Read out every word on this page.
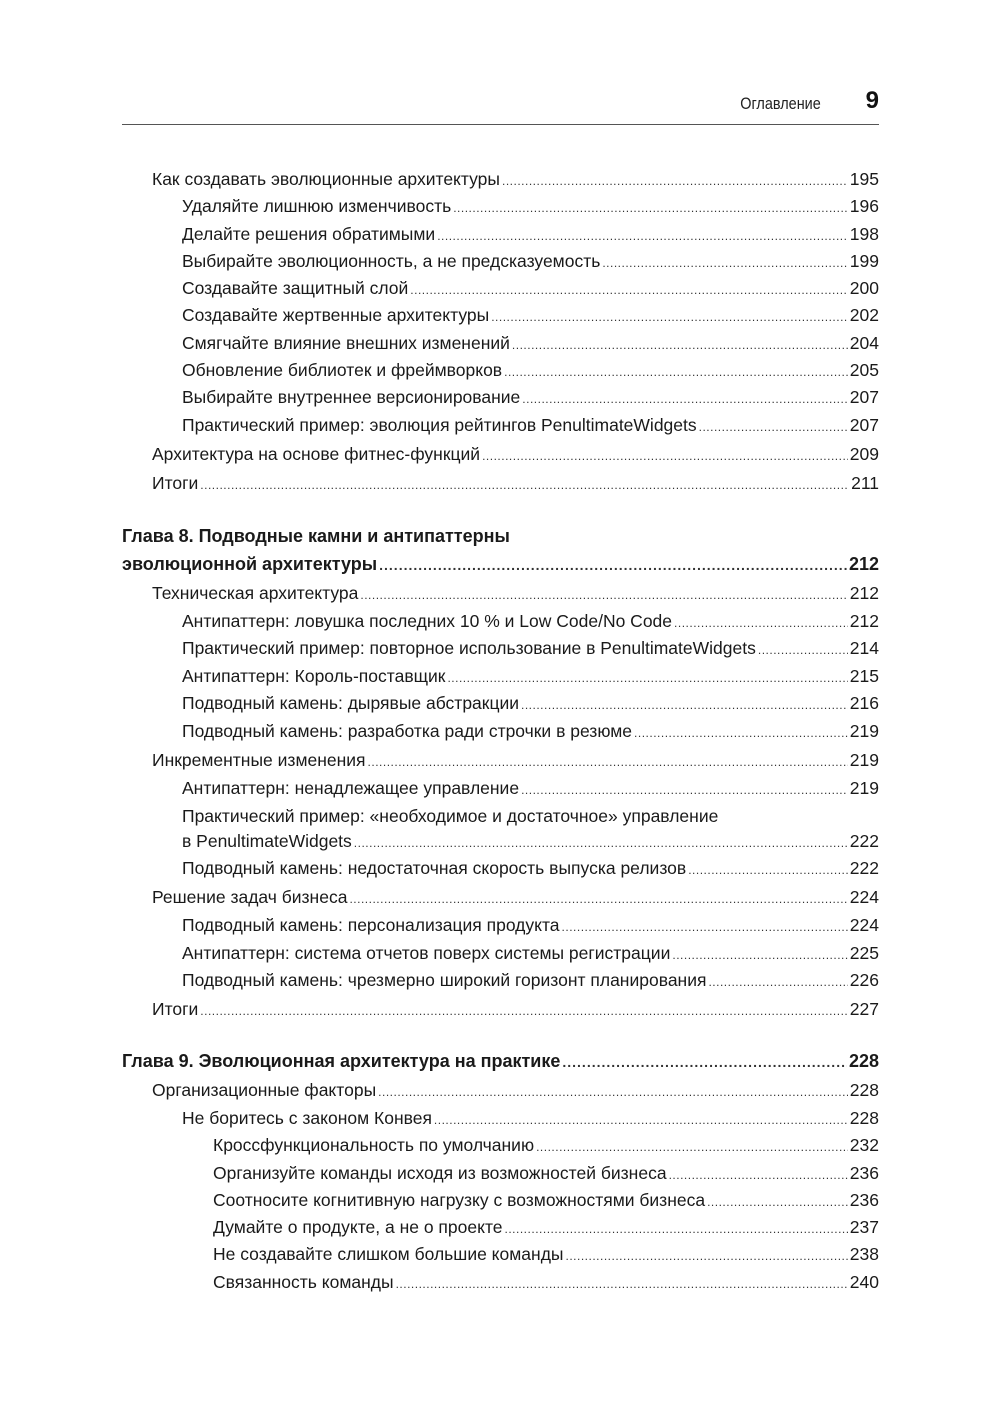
Оглавление 9
Как создавать эволюционные архитектуры .....	195
Удаляйте лишнюю изменчивость .....	196
Делайте решения обратимыми .....	198
Выбирайте эволюционность, а не предсказуемость .....	199
Создавайте защитный слой .....	200
Создавайте жертвенные архитектуры .....	202
Смягчайте влияние внешних изменений .....	204
Обновление библиотек и фреймворков .....	205
Выбирайте внутреннее версионирование .....	207
Практический пример: эволюция рейтингов PenultimateWidgets .....	207
Архитектура на основе фитнес-функций .....	209
Итоги .....	211
Глава 8. Подводные камни и антипаттерны
эволюционной архитектуры .....	212
Техническая архитектура .....	212
Антипаттерн: ловушка последних 10 % и Low Code/No Code .....	212
Практический пример: повторное использование в PenultimateWidgets .....	214
Антипаттерн: Король-поставщик .....	215
Подводный камень: дырявые абстракции .....	216
Подводный камень: разработка ради строчки в резюме .....	219
Инкрементные изменения .....	219
Антипаттерн: ненадлежащее управление .....	219
Практический пример: «необходимое и достаточное» управление
в PenultimateWidgets .....	222
Подводный камень: недостаточная скорость выпуска релизов .....	222
Решение задач бизнеса .....	224
Подводный камень: персонализация продукта .....	224
Антипаттерн: система отчетов поверх системы регистрации .....	225
Подводный камень: чрезмерно широкий горизонт планирования .....	226
Итоги .....	227
Глава 9. Эволюционная архитектура на практике .....	228
Организационные факторы .....	228
Не боритесь с законом Конвея .....	228
Кроссфункциональность по умолчанию .....	232
Организуйте команды исходя из возможностей бизнеса .....	236
Соотносите когнитивную нагрузку с возможностями бизнеса .....	236
Думайте о продукте, а не о проекте .....	237
Не создавайте слишком большие команды .....	238
Связанность команды .....	240
